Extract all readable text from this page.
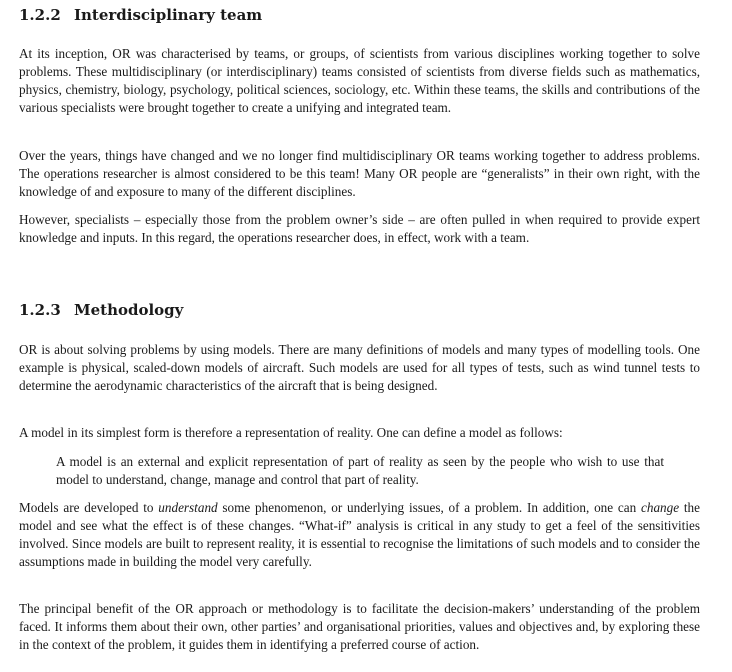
1.2.2 Interdisciplinary team

At its inception, OR was characterised by teams, or groups, of scientists from various disciplines working together to solve problems. These multidisciplinary (or interdisciplinary) teams consisted of scientists from diverse fields such as mathematics, physics, chemistry, biology, psychology, political sciences, sociology, etc. Within these teams, the skills and contributions of the various specialists were brought together to create a unifying and integrated team.

Over the years, things have changed and we no longer find multidisciplinary OR teams working together to address problems. The operations researcher is almost considered to be this team! Many OR people are “generalists” in their own right, with the knowledge of and exposure to many of the different disciplines.

However, specialists – especially those from the problem owner’s side – are often pulled in when required to provide expert knowledge and inputs. In this regard, the operations researcher does, in effect, work with a team.

1.2.3 Methodology

OR is about solving problems by using models. There are many definitions of models and many types of modelling tools. One example is physical, scaled-down models of aircraft. Such models are used for all types of tests, such as wind tunnel tests to determine the aerodynamic characteristics of the aircraft that is being designed.

A model in its simplest form is therefore a representation of reality. One can define a model as follows:

A model is an external and explicit representation of part of reality as seen by the people who wish to use that model to understand, change, manage and control that part of reality.

Models are developed to understand some phenomenon, or underlying issues, of a problem. In addition, one can change the model and see what the effect is of these changes. “What-if” analysis is critical in any study to get a feel of the sensitivities involved. Since models are built to represent reality, it is essential to recognise the limitations of such models and to consider the assumptions made in building the model very carefully.

The principal benefit of the OR approach or methodology is to facilitate the decision-makers’ understanding of the problem faced. It informs them about their own, other parties’ and organisational priorities, values and objectives and, by exploring these in the context of the problem, it guides them in identifying a preferred course of action.
